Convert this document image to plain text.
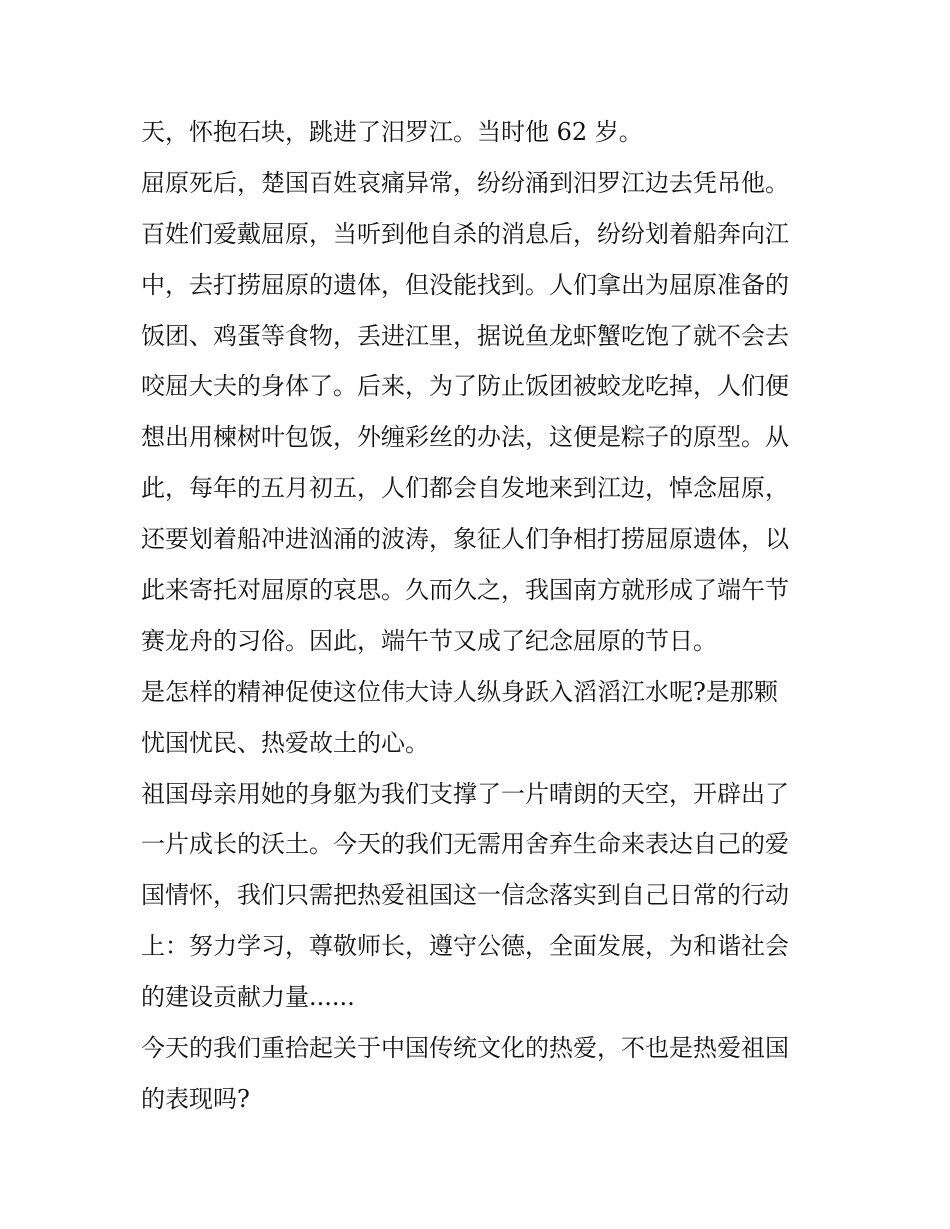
天，怀抱石块，跳进了汨罗江。当时他 62 岁。
屈原死后，楚国百姓哀痛异常，纷纷涌到汨罗江边去凭吊他。
百姓们爱戴屈原，当听到他自杀的消息后，纷纷划着船奔向江
中，去打捞屈原的遗体，但没能找到。人们拿出为屈原准备的
饭团、鸡蛋等食物，丢进江里，据说鱼龙虾蟹吃饱了就不会去
咬屈大夫的身体了。后来，为了防止饭团被蛟龙吃掉，人们便
想出用楝树叶包饭，外缠彩丝的办法，这便是粽子的原型。从
此，每年的五月初五，人们都会自发地来到江边，悼念屈原，
还要划着船冲进汹涌的波涛，象征人们争相打捞屈原遗体，以
此来寄托对屈原的哀思。久而久之，我国南方就形成了端午节
赛龙舟的习俗。因此，端午节又成了纪念屈原的节日。
是怎样的精神促使这位伟大诗人纵身跃入滔滔江水呢?是那颗
忧国忧民、热爱故土的心。
祖国母亲用她的身躯为我们支撑了一片晴朗的天空，开辟出了
一片成长的沃土。今天的我们无需用舍弃生命来表达自己的爱
国情怀，我们只需把热爱祖国这一信念落实到自己日常的行动
上：努力学习，尊敬师长，遵守公德，全面发展，为和谐社会
的建设贡献力量......
今天的我们重拾起关于中国传统文化的热爱，不也是热爱祖国
的表现吗?
